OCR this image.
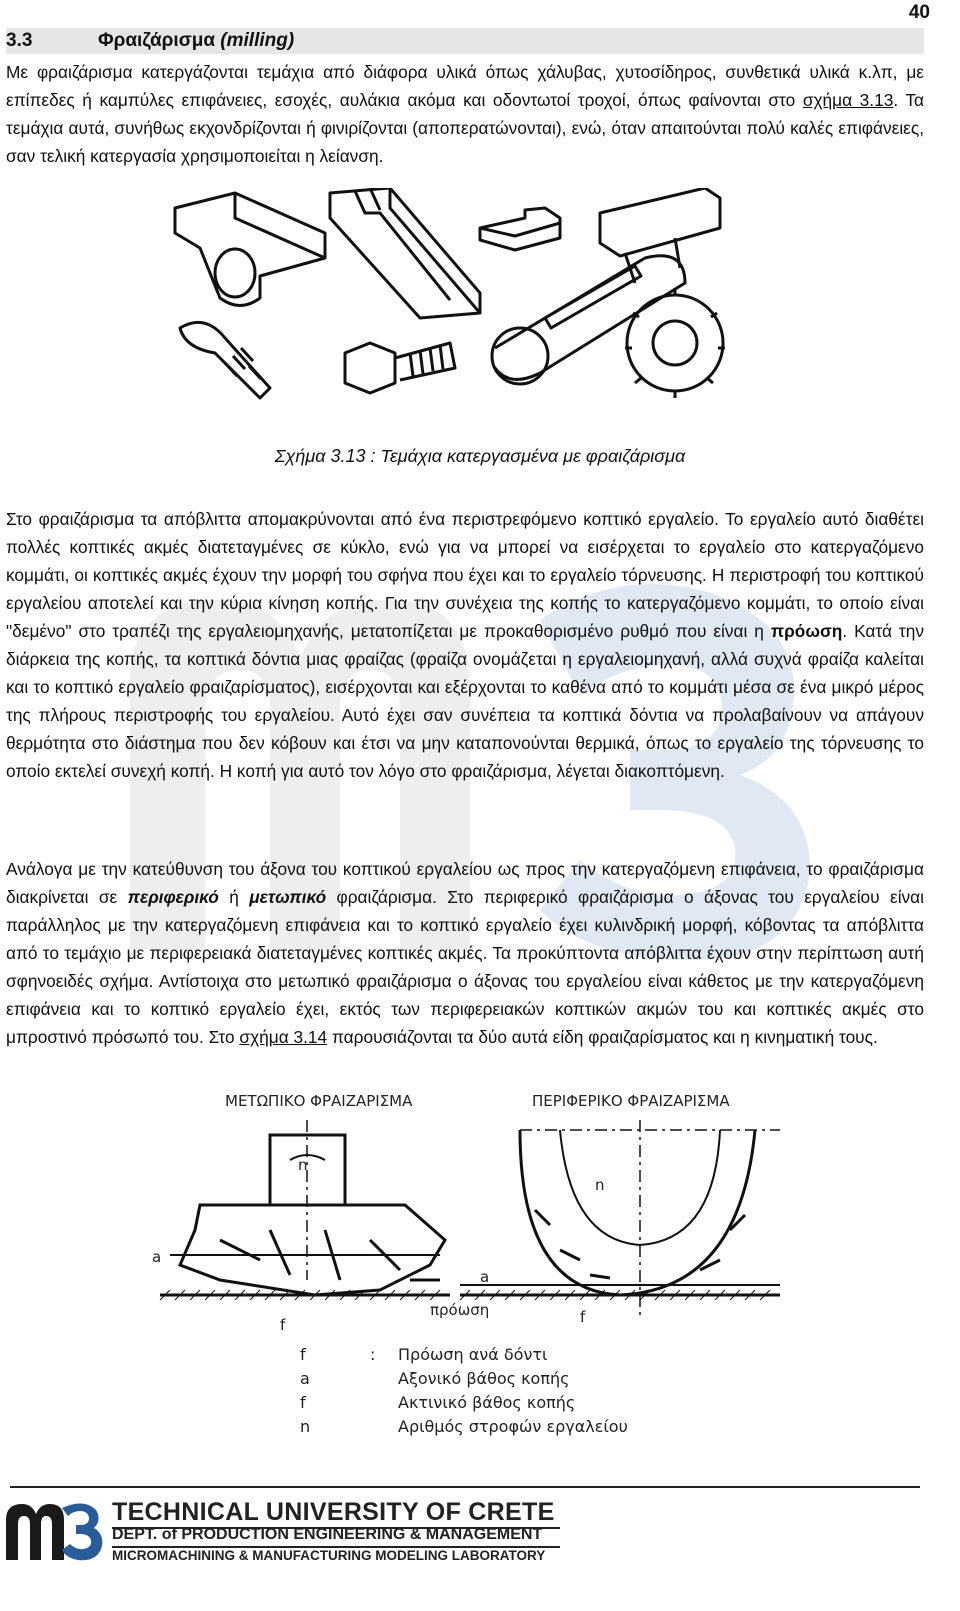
40
3.3	Φραιζάρισμα (milling)

Με φραιζάρισμα κατεργάζονται τεμάχια από διάφορα υλικά όπως χάλυβας, χυτοσίδηρος, συνθετικά υλικά κ.λπ, με επίπεδες ή καμπύλες επιφάνειες, εσοχές, αυλάκια ακόμα και οδοντωτοί τροχοί, όπως φαίνονται στο σχήμα 3.13. Τα τεμάχια αυτά, συνήθως εκχονδρίζονται ή φινιρίζονται (αποπερατώνονται), ενώ, όταν απαιτούνται πολύ καλές επιφάνειες, σαν τελική κατεργασία χρησιμοποιείται η λείανση.

Σχήμα 3.13 : Τεμάχια κατεργασμένα με φραιζάρισμα

Στο φραιζάρισμα τα απόβλιττα απομακρύνονται από ένα περιστρεφόμενο κοπτικό εργαλείο. Το εργαλείο αυτό διαθέτει πολλές κοπτικές ακμές διατεταγμένες σε κύκλο, ενώ για να μπορεί να εισέρχεται το εργαλείο στο κατεργαζόμενο κομμάτι, οι κοπτικές ακμές έχουν την μορφή του σφήνα που έχει και το εργαλείο τόρνευσης. Η περιστροφή του κοπτικού εργαλείου αποτελεί και την κύρια κίνηση κοπής. Για την συνέχεια της κοπής το κατεργαζόμενο κομμάτι, το οποίο είναι "δεμένο" στο τραπέζι της εργαλειομηχανής, μετατοπίζεται με προκαθορισμένο ρυθμό που είναι η πρόωση. Κατά την διάρκεια της κοπής, τα κοπτικά δόντια μιας φραίζας (φραίζα ονομάζεται η εργαλειομηχανή, αλλά συχνά φραίζα καλείται και το κοπτικό εργαλείο φραιζαρίσματος), εισέρχονται και εξέρχονται το καθένα από το κομμάτι μέσα σε ένα μικρό μέρος της πλήρους περιστροφής του εργαλείου. Αυτό έχει σαν συνέπεια τα κοπτικά δόντια να προλαβαίνουν να απάγουν θερμότητα στο διάστημα που δεν κόβουν και έτσι να μην καταπονούνται θερμικά, όπως το εργαλείο της τόρνευσης το οποίο εκτελεί συνεχή κοπή. Η κοπή για αυτό τον λόγο στο φραιζάρισμα, λέγεται διακοπτόμενη.

Ανάλογα με την κατεύθυνση του άξονα του κοπτικού εργαλείου ως προς την κατεργαζόμενη επιφάνεια, το φραιζάρισμα διακρίνεται σε περιφερικό ή μετωπικό φραιζάρισμα. Στο περιφερικό φραιζάρισμα ο άξονας του εργαλείου είναι παράλληλος με την κατεργαζόμενη επιφάνεια και το κοπτικό εργαλείο έχει κυλινδρική μορφή, κόβοντας τα απόβλιττα από το τεμάχιο με περιφερειακά διατεταγμένες κοπτικές ακμές. Τα προκύπτοντα απόβλιττα έχουν στην περίπτωση αυτή σφηνοειδές σχήμα. Αντίστοιχα στο μετωπικό φραιζάρισμα ο άξονας του εργαλείου είναι κάθετος με την κατεργαζόμενη επιφάνεια και το κοπτικό εργαλείο έχει, εκτός των περιφερειακών κοπτικών ακμών του και κοπτικές ακμές στο μπροστινό πρόσωπό του. Στο σχήμα 3.14 παρουσιάζονται τα δύο αυτά είδη φραιζαρίσματος και η κινηματική τους.

ΜΕΤΩΠΙΚΟ ΦΡΑΙΖΑΡΙΣΜΑ	ΠΕΡΙΦΕΡΙΚΟ ΦΡΑΙΖΑΡΙΣΜΑ
n
a
f
n
a
f
πρόωση
f	: Πρόωση ανά δόντι
a	Αξονικό βάθος κοπής
f	Ακτινικό βάθος κοπής
n	Αριθμός στροφών εργαλείου
TECHNICAL UNIVERSITY OF CRETE
DEPT. of PRODUCTION ENGINEERING & MANAGEMENT
MICROMACHINING & MANUFACTURING MODELING LABORATORY
